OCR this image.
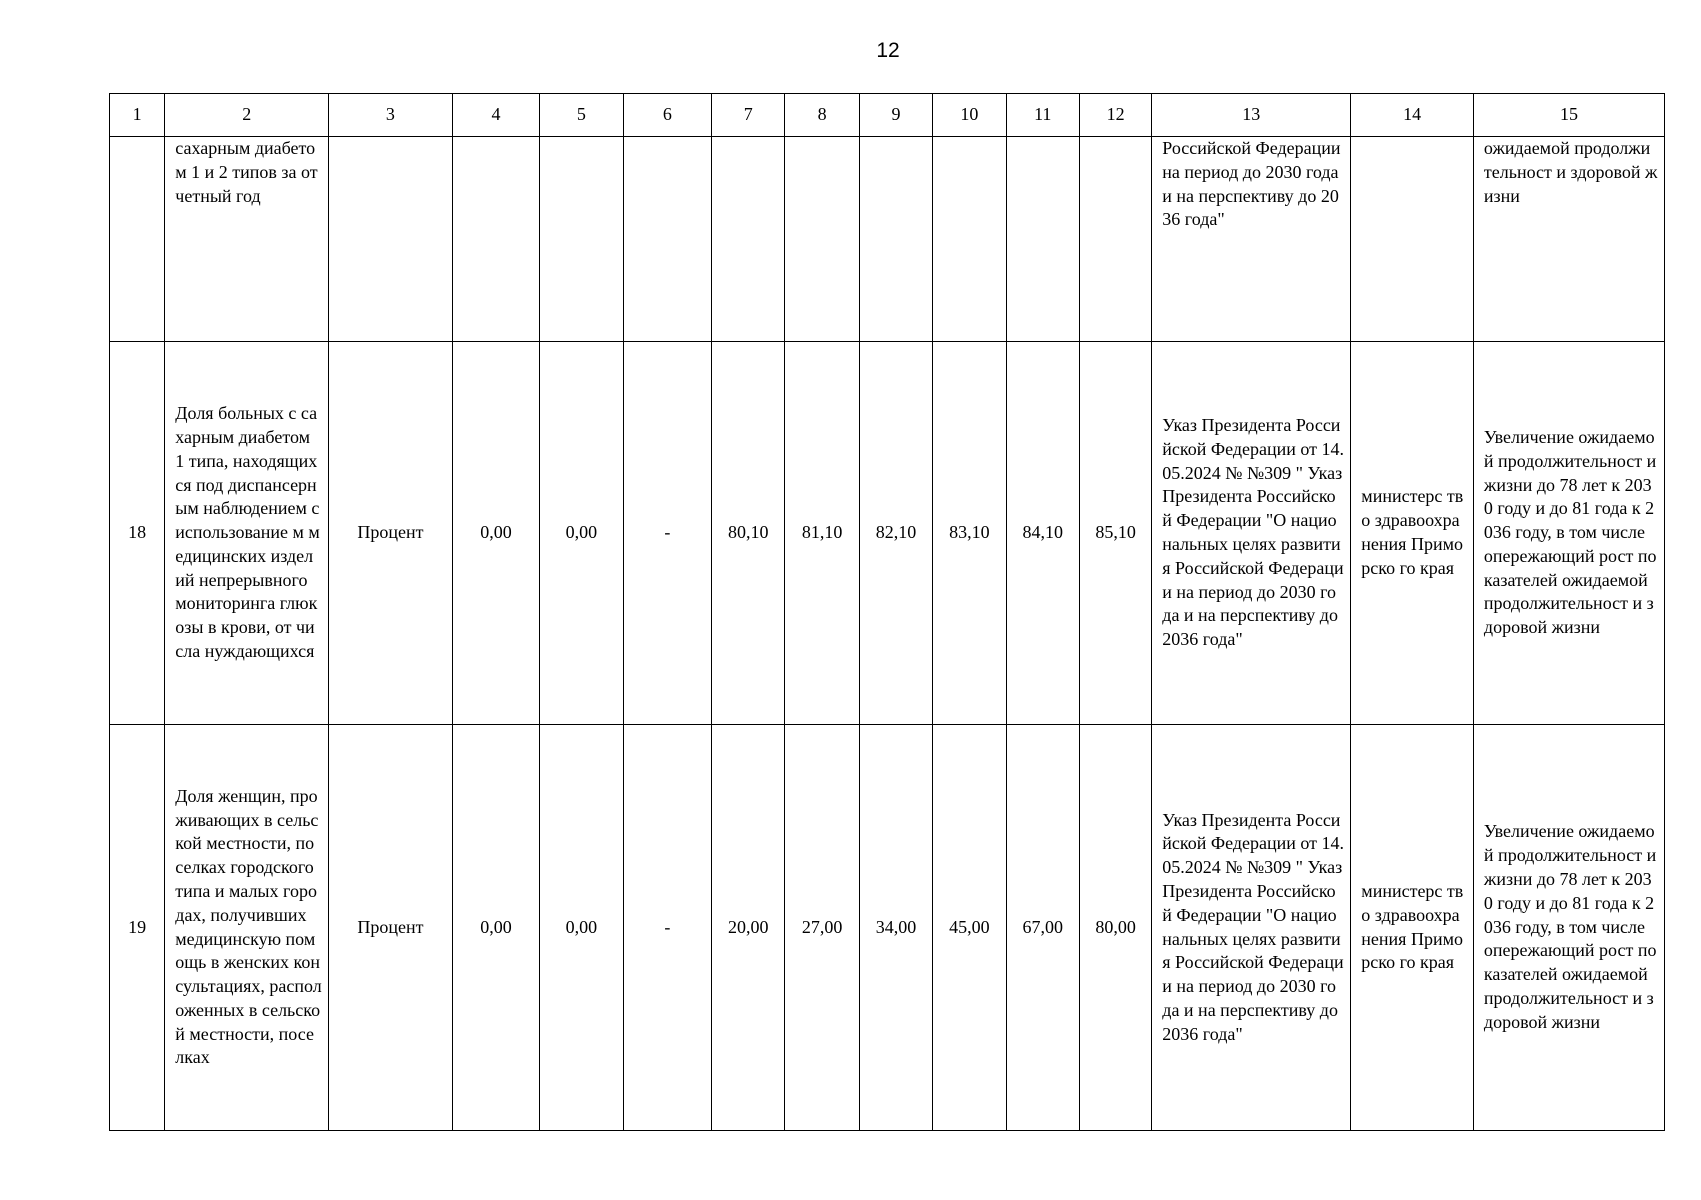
12
1	2	3	4	5	6	7	8	9	10	11	12	13	14	15
	сахарным диабетом 1 и 2 типов за отчетный год											Российской Федерации на период до 2030 года и на перспективу до 2036 года"		ожидаемой продолжительност и здоровой жизни
18	Доля больных с сахарным диабетом 1 типа, находящихся под диспансерным наблюдением с использование м медицинских изделий непрерывного мониторинга глюкозы в крови, от числа нуждающихся	Процент	0,00	0,00	-	80,10	81,10	82,10	83,10	84,10	85,10	Указ Президента Российской Федерации от 14.05.2024 № №309 " Указ Президента Российской Федерации "О национальных целях развития Российской Федерации на период до 2030 года и на перспективу до 2036 года"	министерс тво здравоохра нения Приморско го края	Увеличение ожидаемой продолжительност и жизни до 78 лет к 2030 году и до 81 года к 2036 году, в том числе опережающий рост показателей ожидаемой продолжительност и здоровой жизни
19	Доля женщин, проживающих в сельской местности, поселках городского типа и малых городах, получивших медицинскую помощь в женских консультациях, расположенных в сельской местности, поселках	Процент	0,00	0,00	-	20,00	27,00	34,00	45,00	67,00	80,00	Указ Президента Российской Федерации от 14.05.2024 № №309 " Указ Президента Российской Федерации "О национальных целях развития Российской Федерации на период до 2030 года и на перспективу до 2036 года"	министерс тво здравоохра нения Приморско го края	Увеличение ожидаемой продолжительност и жизни до 78 лет к 2030 году и до 81 года к 2036 году, в том числе опережающий рост показателей ожидаемой продолжительност и здоровой жизни
